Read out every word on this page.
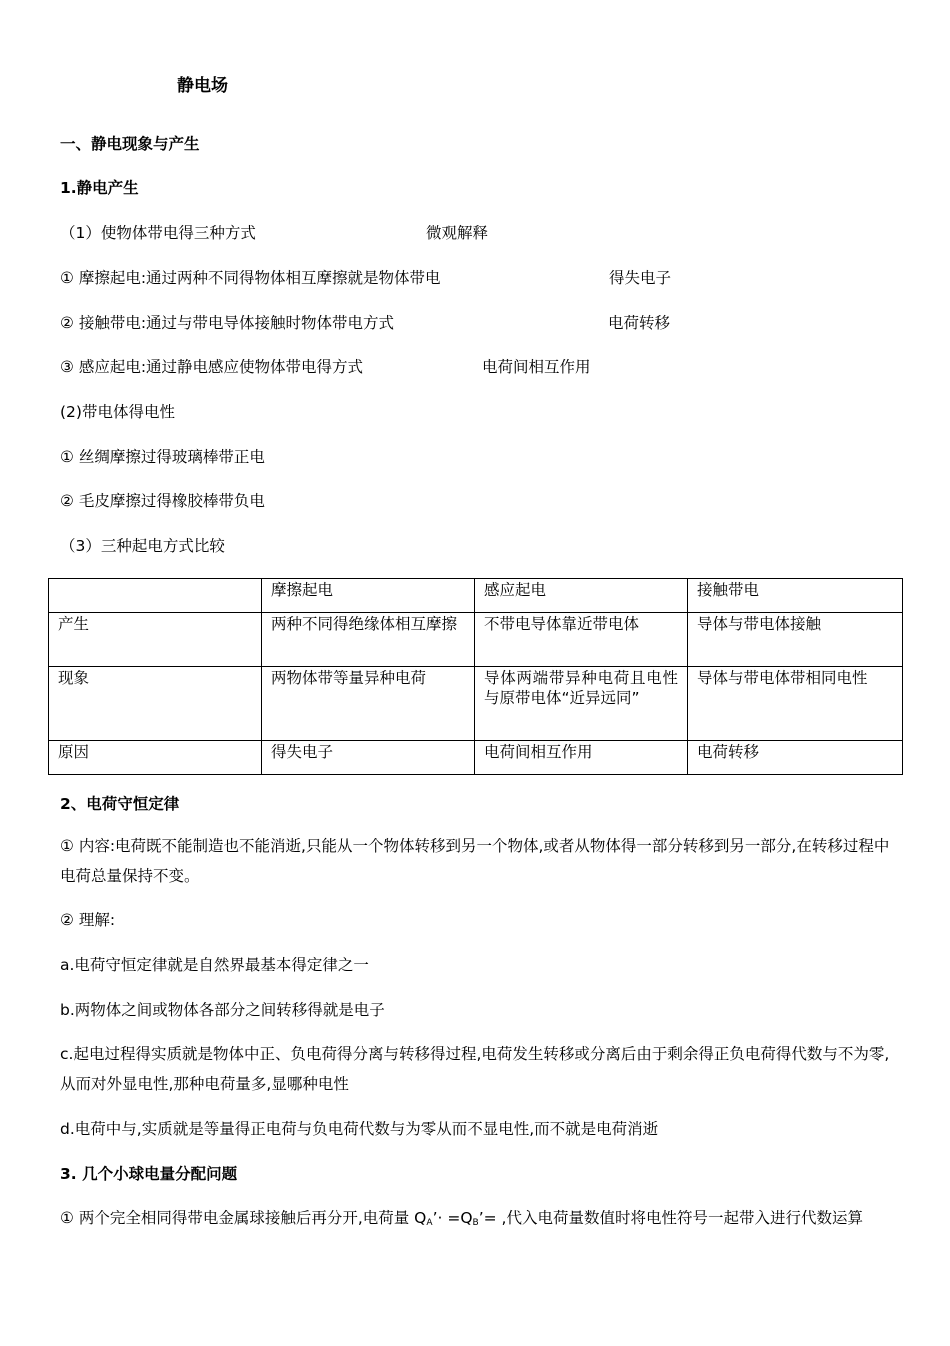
静电场
一、静电现象与产生
1.静电产生
（1）使物体带电得三种方式	微观解释
① 摩擦起电:通过两种不同得物体相互摩擦就是物体带电	得失电子
② 接触带电:通过与带电导体接触时物体带电方式	电荷转移
③ 感应起电:通过静电感应使物体带电得方式	电荷间相互作用
(2)带电体得电性
① 丝绸摩擦过得玻璃棒带正电
② 毛皮摩擦过得橡胶棒带负电
（3）三种起电方式比较
	摩擦起电	感应起电	接触带电
产生	两种不同得绝缘体相互摩擦	不带电导体靠近带电体	导体与带电体接触
现象	两物体带等量异种电荷	导体两端带异种电荷且电性与原带电体“近异远同”	导体与带电体带相同电性
原因	得失电子	电荷间相互作用	电荷转移
2、电荷守恒定律
① 内容:电荷既不能制造也不能消逝,只能从一个物体转移到另一个物体,或者从物体得一部分转移到另一部分,在转移过程中电荷总量保持不变。
② 理解:
a.电荷守恒定律就是自然界最基本得定律之一
b.两物体之间或物体各部分之间转移得就是电子
c.起电过程得实质就是物体中正、负电荷得分离与转移得过程,电荷发生转移或分离后由于剩余得正负电荷得代数与不为零,从而对外显电性,那种电荷量多,显哪种电性
d.电荷中与,实质就是等量得正电荷与负电荷代数与为零从而不显电性,而不就是电荷消逝
3. 几个小球电量分配问题
① 两个完全相同得带电金属球接触后再分开,电荷量 $Q_A’\cdot$ $=Q_B’=$ ,代入电荷量数值时将电性符号一起带入进行代数运算
